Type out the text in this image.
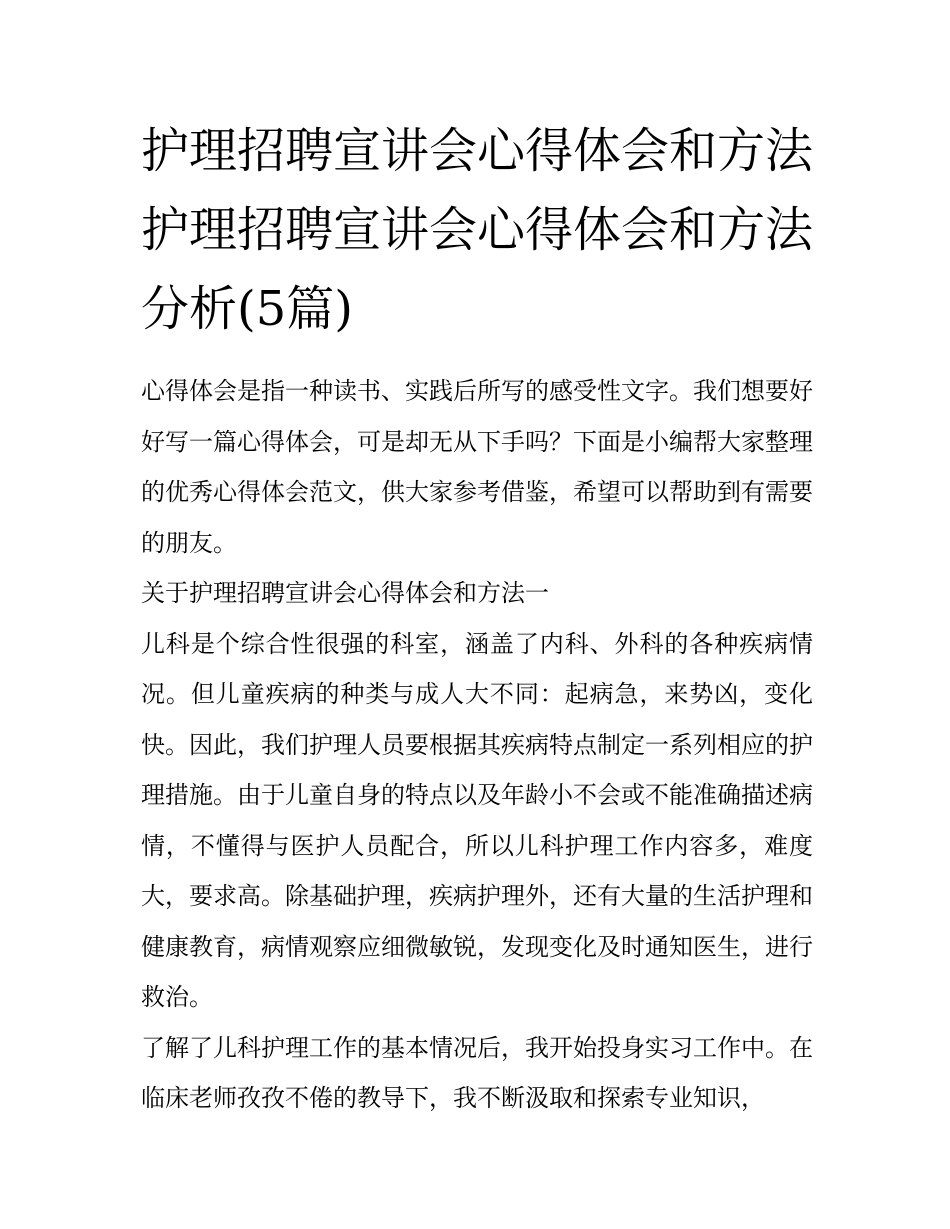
护理招聘宣讲会心得体会和方法 护理招聘宣讲会心得体会和方法分析(5篇)

心得体会是指一种读书、实践后所写的感受性文字。我们想要好好写一篇心得体会，可是却无从下手吗？下面是小编帮大家整理的优秀心得体会范文，供大家参考借鉴，希望可以帮助到有需要的朋友。

关于护理招聘宣讲会心得体会和方法一

儿科是个综合性很强的科室，涵盖了内科、外科的各种疾病情况。但儿童疾病的种类与成人大不同：起病急，来势凶，变化快。因此，我们护理人员要根据其疾病特点制定一系列相应的护理措施。由于儿童自身的特点以及年龄小不会或不能准确描述病情，不懂得与医护人员配合，所以儿科护理工作内容多，难度大，要求高。除基础护理，疾病护理外，还有大量的生活护理和健康教育，病情观察应细微敏锐，发现变化及时通知医生，进行救治。

了解了儿科护理工作的基本情况后，我开始投身实习工作中。在临床老师孜孜不倦的教导下，我不断汲取和探索专业知识，
